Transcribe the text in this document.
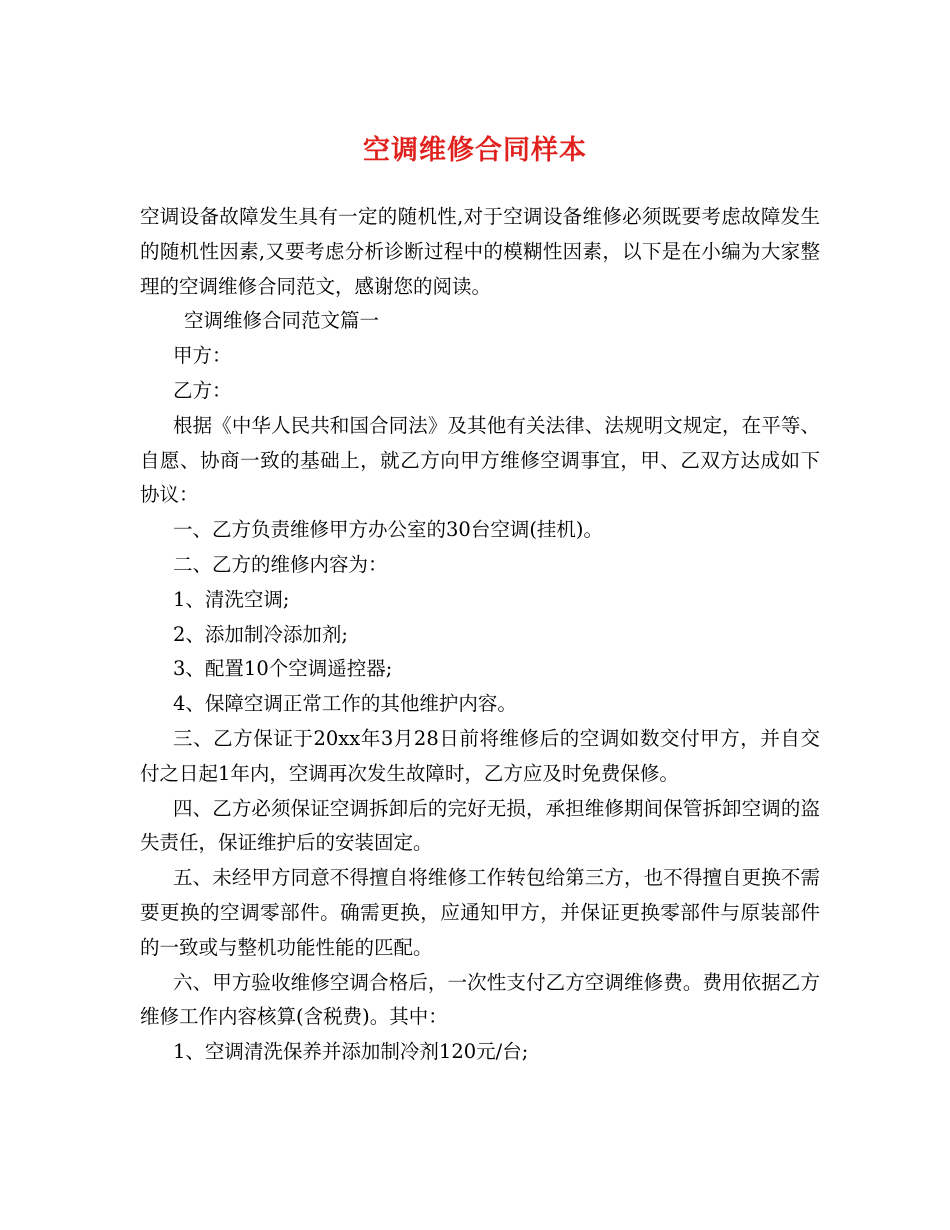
空调维修合同样本

空调设备故障发生具有一定的随机性,对于空调设备维修必须既要考虑故障发生的随机性因素,又要考虑分析诊断过程中的模糊性因素，以下是在小编为大家整理的空调维修合同范文，感谢您的阅读。

空调维修合同范文篇一

甲方：

乙方：

根据《中华人民共和国合同法》及其他有关法律、法规明文规定，在平等、自愿、协商一致的基础上，就乙方向甲方维修空调事宜，甲、乙双方达成如下协议：

一、乙方负责维修甲方办公室的30台空调(挂机)。

二、乙方的维修内容为：

1、清洗空调;

2、添加制冷添加剂;

3、配置10个空调遥控器;

4、保障空调正常工作的其他维护内容。

三、乙方保证于20xx年3月28日前将维修后的空调如数交付甲方，并自交付之日起1年内，空调再次发生故障时，乙方应及时免费保修。

四、乙方必须保证空调拆卸后的完好无损，承担维修期间保管拆卸空调的盗失责任，保证维护后的安装固定。

五、未经甲方同意不得擅自将维修工作转包给第三方，也不得擅自更换不需要更换的空调零部件。确需更换，应通知甲方，并保证更换零部件与原装部件的一致或与整机功能性能的匹配。

六、甲方验收维修空调合格后，一次性支付乙方空调维修费。费用依据乙方维修工作内容核算(含税费)。其中：

1、空调清洗保养并添加制冷剂120元/台;
